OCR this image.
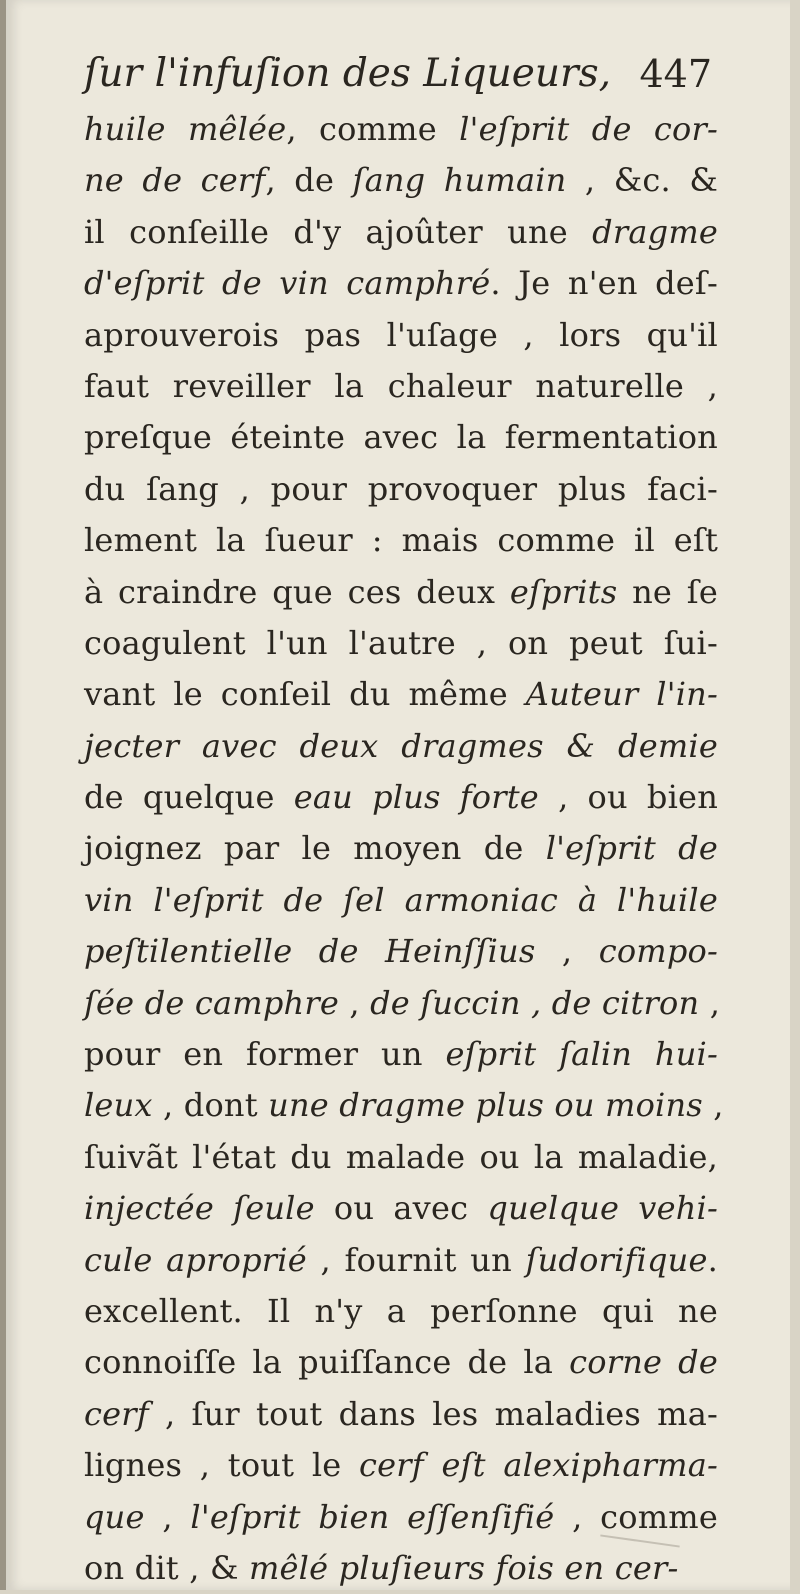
ſur l'infuſion des Liqueurs, 447
huile mêlée, comme l'eſprit de cor-
ne de cerf, de ſang humain , &c. &
il conſeille d'y ajoûter une dragme
d'eſprit de vin camphré. Je n'en deſ-
aprouverois pas l'uſage , lors qu'il
faut reveiller la chaleur naturelle ,
preſque éteinte avec la fermentation
du ſang , pour provoquer plus faci-
lement la ſueur : mais comme il eſt
à craindre que ces deux eſprits ne ſe
coagulent l'un l'autre , on peut ſui-
vant le conſeil du même Auteur l'in-
jecter avec deux dragmes & demie
de quelque eau plus forte , ou bien
joignez par le moyen de l'eſprit de
vin l'eſprit de ſel armoniac à l'huile
peſtilentielle de Heinſſius , compo-
ſée de camphre , de ſuccin , de citron ,
pour en former un eſprit ſalin hui-
leux , dont une dragme plus ou moins ,
ſuivãt l'état du malade ou la maladie,
injectée ſeule ou avec quelque vehi-
cule aproprié , fournit un ſudorifique.
excellent. Il n'y a perſonne qui ne
connoiſſe la puiſſance de la corne de
cerf , ſur tout dans les maladies ma-
lignes , tout le cerf eſt alexipharma-
que , l'eſprit bien eſſenſifié , comme
on dit , & mêlé pluſieurs fois en cer-
